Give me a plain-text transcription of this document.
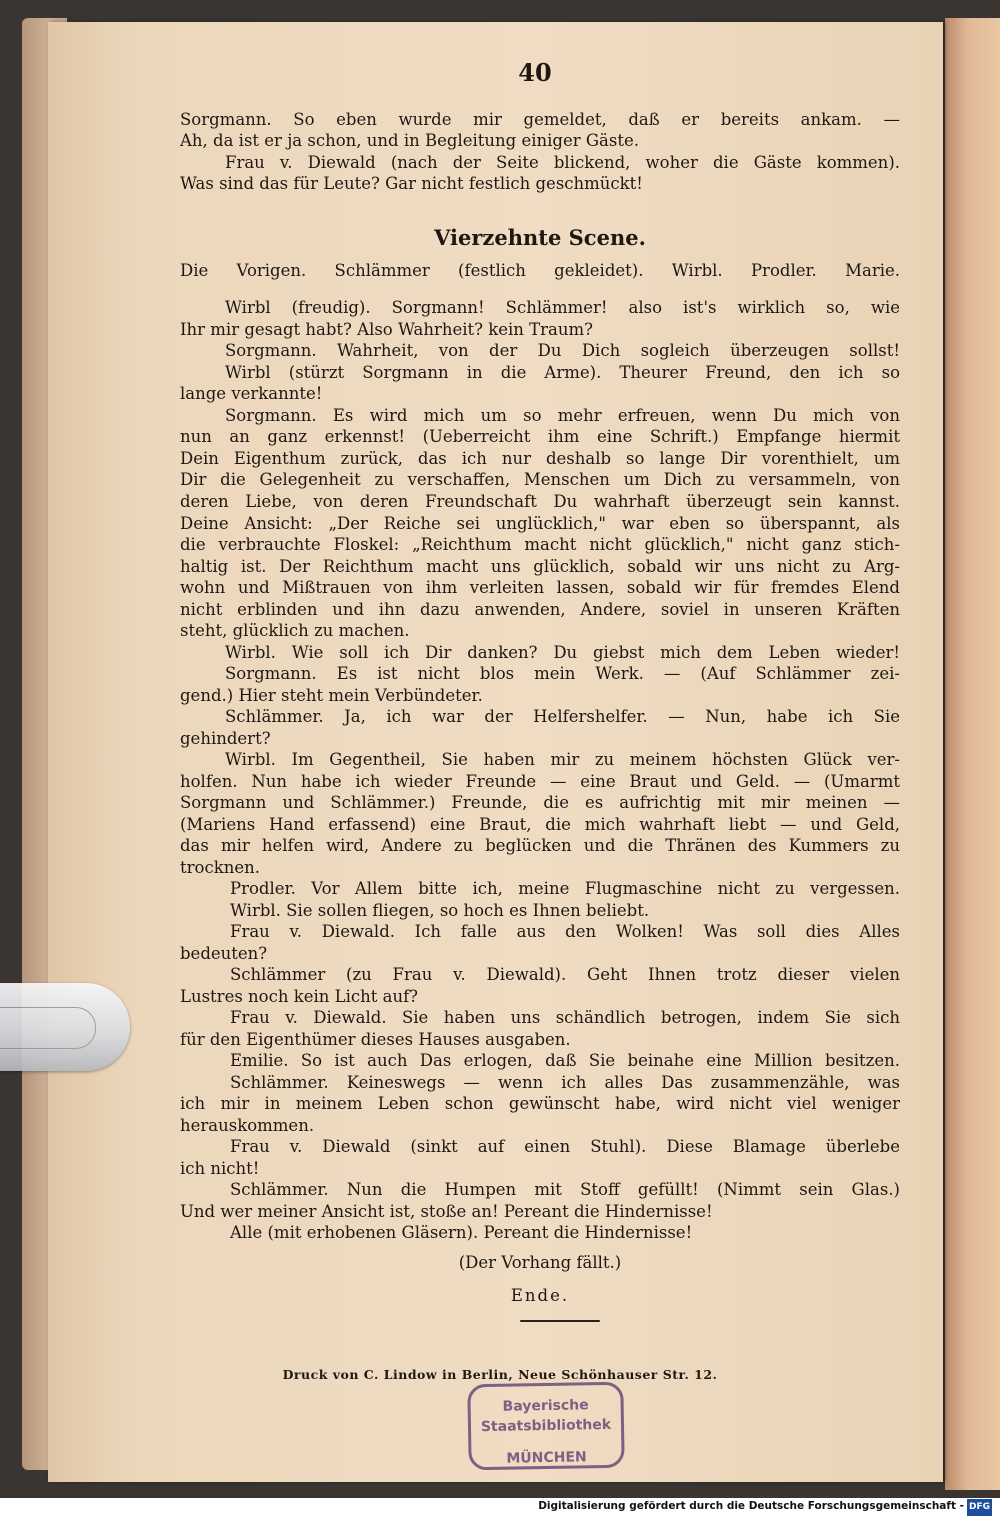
40
Sorgmann. So eben wurde mir gemeldet, daß er bereits ankam. —
Ah, da ist er ja schon, und in Begleitung einiger Gäste.
Frau v. Diewald (nach der Seite blickend, woher die Gäste kommen).
Was sind das für Leute? Gar nicht festlich geschmückt!
Vierzehnte Scene.
Die Vorigen. Schlämmer (festlich gekleidet). Wirbl. Prodler. Marie.
Wirbl (freudig). Sorgmann! Schlämmer! also ist's wirklich so, wie
Ihr mir gesagt habt? Also Wahrheit? kein Traum?
Sorgmann. Wahrheit, von der Du Dich sogleich überzeugen sollst!
Wirbl (stürzt Sorgmann in die Arme). Theurer Freund, den ich so
lange verkannte!
Sorgmann. Es wird mich um so mehr erfreuen, wenn Du mich von
nun an ganz erkennst! (Ueberreicht ihm eine Schrift.) Empfange hiermit
Dein Eigenthum zurück, das ich nur deshalb so lange Dir vorenthielt, um
Dir die Gelegenheit zu verschaffen, Menschen um Dich zu versammeln, von
deren Liebe, von deren Freundschaft Du wahrhaft überzeugt sein kannst.
Deine Ansicht: „Der Reiche sei unglücklich," war eben so überspannt, als
die verbrauchte Floskel: „Reichthum macht nicht glücklich," nicht ganz stich-
haltig ist. Der Reichthum macht uns glücklich, sobald wir uns nicht zu Arg-
wohn und Mißtrauen von ihm verleiten lassen, sobald wir für fremdes Elend
nicht erblinden und ihn dazu anwenden, Andere, soviel in unseren Kräften
steht, glücklich zu machen.
Wirbl. Wie soll ich Dir danken? Du giebst mich dem Leben wieder!
Sorgmann. Es ist nicht blos mein Werk. — (Auf Schlämmer zei-
gend.) Hier steht mein Verbündeter.
Schlämmer. Ja, ich war der Helfershelfer. — Nun, habe ich Sie
gehindert?
Wirbl. Im Gegentheil, Sie haben mir zu meinem höchsten Glück ver-
holfen. Nun habe ich wieder Freunde — eine Braut und Geld. — (Umarmt
Sorgmann und Schlämmer.) Freunde, die es aufrichtig mit mir meinen —
(Mariens Hand erfassend) eine Braut, die mich wahrhaft liebt — und Geld,
das mir helfen wird, Andere zu beglücken und die Thränen des Kummers zu
trocknen.
Prodler. Vor Allem bitte ich, meine Flugmaschine nicht zu vergessen.
Wirbl. Sie sollen fliegen, so hoch es Ihnen beliebt.
Frau v. Diewald. Ich falle aus den Wolken! Was soll dies Alles
bedeuten?
Schlämmer (zu Frau v. Diewald). Geht Ihnen trotz dieser vielen
Lustres noch kein Licht auf?
Frau v. Diewald. Sie haben uns schändlich betrogen, indem Sie sich
für den Eigenthümer dieses Hauses ausgaben.
Emilie. So ist auch Das erlogen, daß Sie beinahe eine Million besitzen.
Schlämmer. Keineswegs — wenn ich alles Das zusammenzähle, was
ich mir in meinem Leben schon gewünscht habe, wird nicht viel weniger
herauskommen.
Frau v. Diewald (sinkt auf einen Stuhl). Diese Blamage überlebe
ich nicht!
Schlämmer. Nun die Humpen mit Stoff gefüllt! (Nimmt sein Glas.)
Und wer meiner Ansicht ist, stoße an! Pereant die Hindernisse!
Alle (mit erhobenen Gläsern). Pereant die Hindernisse!
(Der Vorhang fällt.)
Ende.
Druck von C. Lindow in Berlin, Neue Schönhauser Str. 12.
Bayerische
Staatsbibliothek
MÜNCHEN
Digitalisierung gefördert durch die Deutsche Forschungsgemeinschaft - DFG
